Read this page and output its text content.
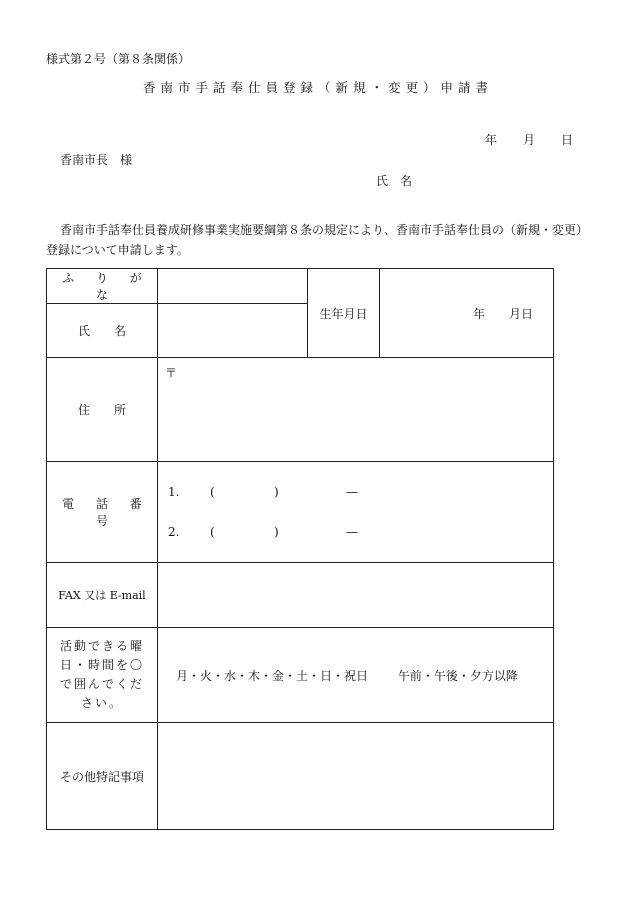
様式第２号（第８条関係）
香南市手話奉仕員登録（新規・変更）申請書
年 月 日
香南市長　様
氏　名
香南市手話奉仕員養成研修事業実施要綱第８条の規定により、香南市手話奉仕員の（新規・変更）登録について申請します。
ふ り が な		生年月日	年 月日
氏　　名			
住　　所	〒		
電 話 番 号	1. ( ) —
2. ( ) —		

FAX 又は E-mail			

活動できる曜
日・時間を〇
で囲んでくだ
さい。	月・火・水・木・金・土・日・祝日 午前・午後・夕方以降		
その他特記事項			
